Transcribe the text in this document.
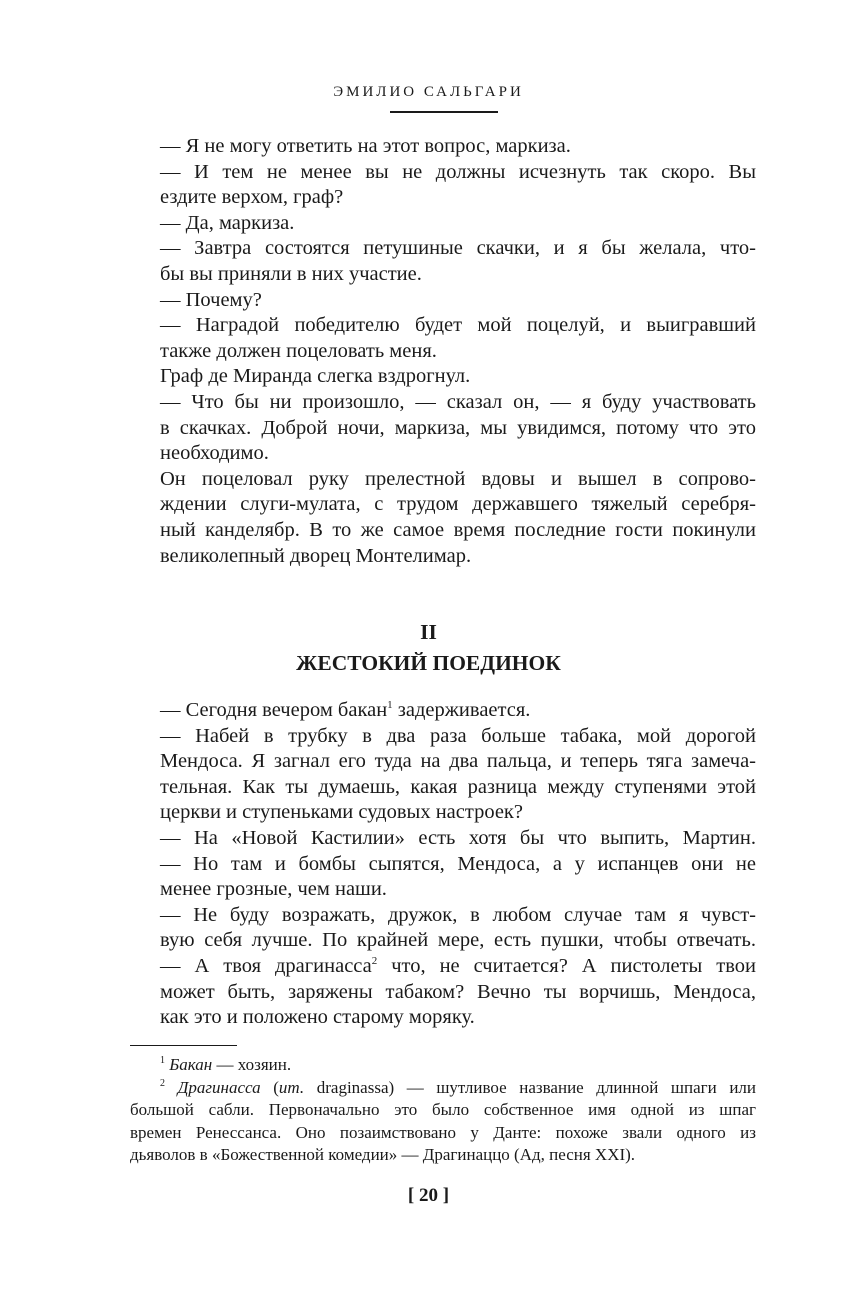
ЭМИЛИО САЛЬГАРИ

— Я не могу ответить на этот вопрос, маркиза.

— И тем не менее вы не должны исчезнуть так скоро. Вы
ездите верхом, граф?

— Да, маркиза.

— Завтра состоятся петушиные скачки, и я бы желала, что-
бы вы приняли в них участие.

— Почему?

— Наградой победителю будет мой поцелуй, и выигравший
также должен поцеловать меня.

Граф де Миранда слегка вздрогнул.

— Что бы ни произошло, — сказал он, — я буду участвовать
в скачках. Доброй ночи, маркиза, мы увидимся, потому что это
необходимо.

Он поцеловал руку прелестной вдовы и вышел в сопрово-
ждении слуги-мулата, с трудом державшего тяжелый серебря-
ный канделябр. В то же самое время последние гости покинули
великолепный дворец Монтелимар.

II
ЖЕСТОКИЙ ПОЕДИНОК

— Сегодня вечером бакан$^1$ задерживается.

— Набей в трубку в два раза больше табака, мой дорогой
Мендоса. Я загнал его туда на два пальца, и теперь тяга замеча-
тельная. Как ты думаешь, какая разница между ступенями этой
церкви и ступеньками судовых настроек?

— На «Новой Кастилии» есть хотя бы что выпить, Мартин.

— Но там и бомбы сыпятся, Мендоса, а у испанцев они не
менее грозные, чем наши.

— Не буду возражать, дружок, в любом случае там я чувст-
вую себя лучше. По крайней мере, есть пушки, чтобы отвечать.

— А твоя драгинасса$^2$ что, не считается? А пистолеты твои
может быть, заряжены табаком? Вечно ты ворчишь, Мендоса,
как это и положено старому моряку.

$^1$ Бакан — хозяин.

$^2$ Драгинасса (ит. draginassa) — шутливое название длинной шпаги или
большой сабли. Первоначально это было собственное имя одной из шпаг
времен Ренессанса. Оно позаимствовано у Данте: похоже звали одного из
дьяволов в «Божественной комедии» — Драгинаццо (Ад, песня XXI).

[ 20 ]
